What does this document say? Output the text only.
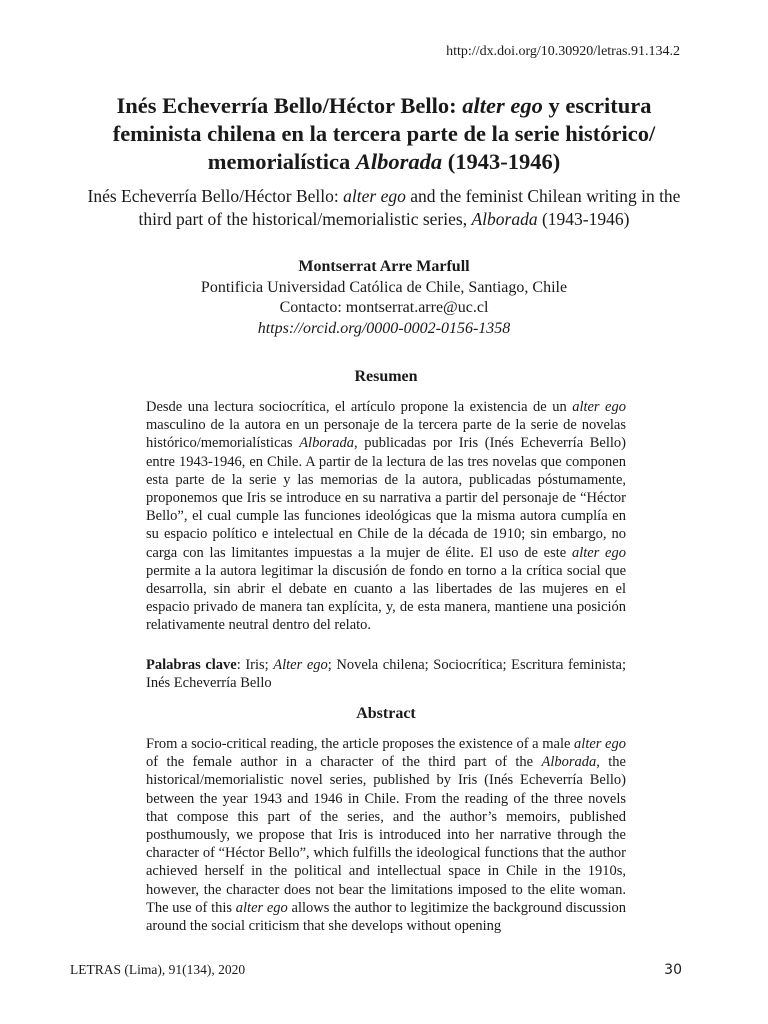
http://dx.doi.org/10.30920/letras.91.134.2
Inés Echeverría Bello/Héctor Bello: alter ego y escritura feminista chilena en la tercera parte de la serie histórico/ memorialística Alborada (1943-1946)

Inés Echeverría Bello/Héctor Bello: alter ego and the feminist Chilean writing in the third part of the historical/memorialistic series, Alborada (1943-1946)

Montserrat Arre Marfull
Pontificia Universidad Católica de Chile, Santiago, Chile
Contacto: montserrat.arre@uc.cl
https://orcid.org/0000-0002-0156-1358
Resumen

Desde una lectura sociocrítica, el artículo propone la existencia de un alter ego masculino de la autora en un personaje de la tercera parte de la serie de novelas histórico/memorialísticas Alborada, publicadas por Iris (Inés Echeverría Bello) entre 1943-1946, en Chile. A partir de la lectura de las tres novelas que componen esta parte de la serie y las memorias de la autora, publicadas póstumamente, proponemos que Iris se introduce en su narrativa a partir del personaje de “Héctor Bello”, el cual cumple las funciones ideológicas que la misma autora cumplía en su espacio político e intelectual en Chile de la década de 1910; sin embargo, no carga con las limitantes impuestas a la mujer de élite. El uso de este alter ego permite a la autora legitimar la discusión de fondo en torno a la crítica social que desarrolla, sin abrir el debate en cuanto a las libertades de las mujeres en el espacio privado de manera tan explícita, y, de esta manera, mantiene una posición relativamente neutral dentro del relato.

Palabras clave: Iris; Alter ego; Novela chilena; Sociocrítica; Escritura feminista; Inés Echeverría Bello

Abstract

From a socio-critical reading, the article proposes the existence of a male alter ego of the female author in a character of the third part of the Alborada, the historical/memorialistic novel series, published by Iris (Inés Echeverría Bello) between the year 1943 and 1946 in Chile. From the reading of the three novels that compose this part of the series, and the author’s memoirs, published posthumously, we propose that Iris is introduced into her narrative through the character of “Héctor Bello”, which fulfills the ideological functions that the author achieved herself in the political and intellectual space in Chile in the 1910s, however, the character does not bear the limitations imposed to the elite woman. The use of this alter ego allows the author to legitimize the background discussion around the social criticism that she develops without opening

LETRAS (Lima), 91(134), 2020	30
